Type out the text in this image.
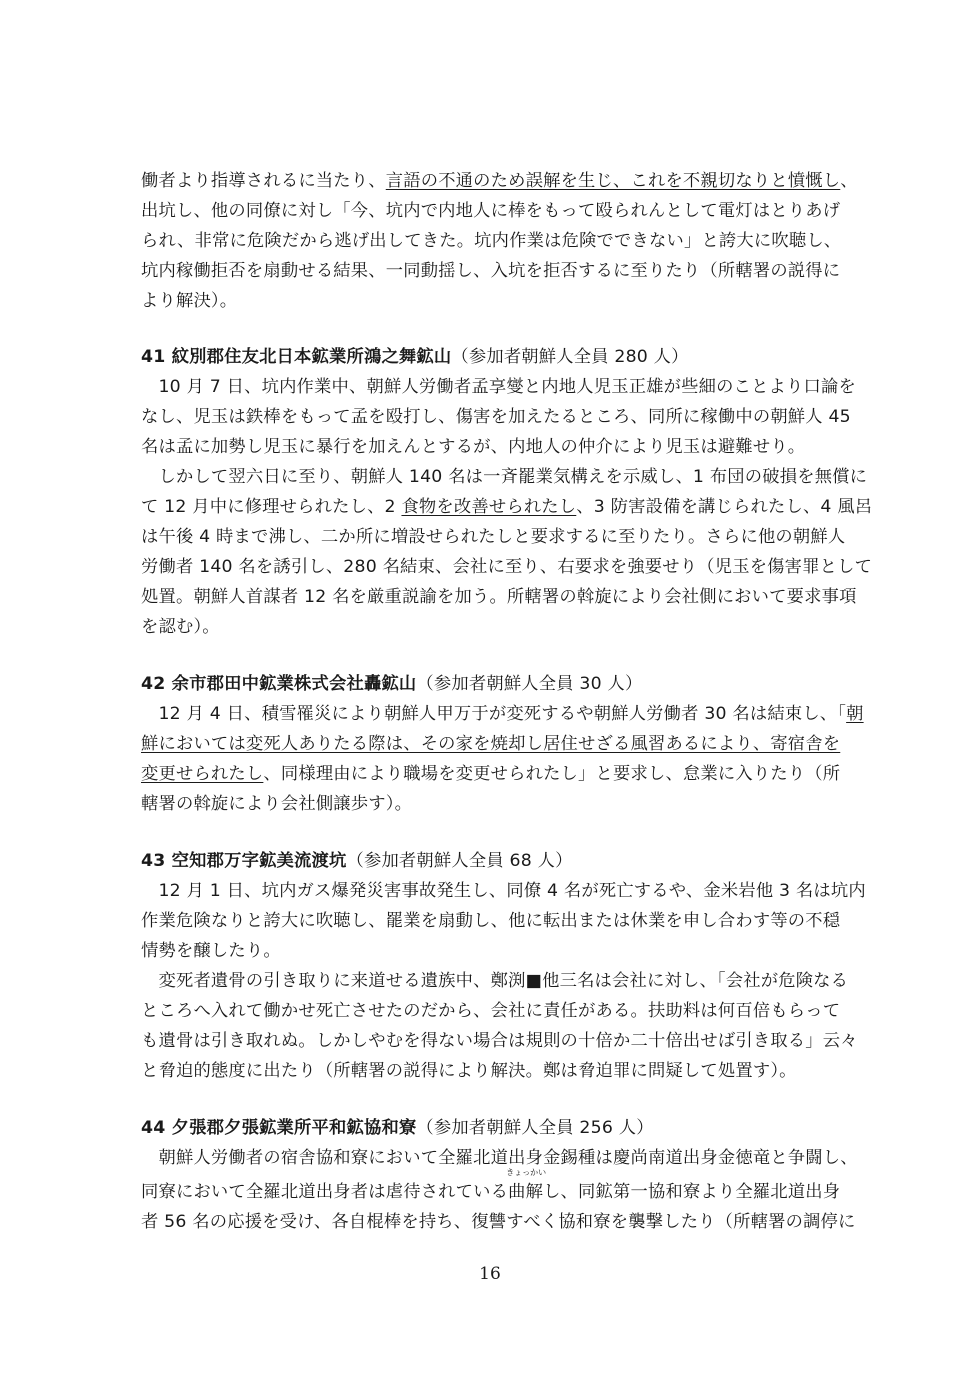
働者より指導されるに当たり、言語の不通のため誤解を生じ、これを不親切なりと憤慨し、
出坑し、他の同僚に対し「今、坑内で内地人に棒をもって殴られんとして電灯はとりあげ
られ、非常に危険だから逃げ出してきた。坑内作業は危険でできない」と誇大に吹聴し、
坑内稼働拒否を扇動せる結果、一同動揺し、入坑を拒否するに至りたり（所轄署の説得に
より解決）。
41 紋別郡住友北日本鉱業所鴻之舞鉱山（参加者朝鮮人全員 280 人）
　10 月 7 日、坑内作業中、朝鮮人労働者孟享燮と内地人児玉正雄が些細のことより口論を
なし、児玉は鉄棒をもって孟を殴打し、傷害を加えたるところ、同所に稼働中の朝鮮人 45
名は孟に加勢し児玉に暴行を加えんとするが、内地人の仲介により児玉は避難せり。
　しかして翌六日に至り、朝鮮人 140 名は一斉罷業気構えを示威し、1 布団の破損を無償に
て 12 月中に修理せられたし、2 食物を改善せられたし、3 防害設備を講じられたし、4 風呂
は午後 4 時まで沸し、二か所に増設せられたしと要求するに至りたり。さらに他の朝鮮人
労働者 140 名を誘引し、280 名結束、会社に至り、右要求を強要せり（児玉を傷害罪として
処置。朝鮮人首謀者 12 名を厳重説諭を加う。所轄署の斡旋により会社側において要求事項
を認む）。
42 余市郡田中鉱業株式会社轟鉱山（参加者朝鮮人全員 30 人）
　12 月 4 日、積雪罹災により朝鮮人甲万于が変死するや朝鮮人労働者 30 名は結束し、「朝
鮮においては変死人ありたる際は、その家を焼却し居住せざる風習あるにより、寄宿舎を
変更せられたし、同様理由により職場を変更せられたし」と要求し、怠業に入りたり（所
轄署の斡旋により会社側譲歩す）。
43 空知郡万字鉱美流渡坑（参加者朝鮮人全員 68 人）
　12 月 1 日、坑内ガス爆発災害事故発生し、同僚 4 名が死亡するや、金米岩他 3 名は坑内
作業危険なりと誇大に吹聴し、罷業を扇動し、他に転出または休業を申し合わす等の不穏
情勢を醸したり。
　変死者遺骨の引き取りに来道せる遺族中、鄭渕■他三名は会社に対し、「会社が危険なる
ところへ入れて働かせ死亡させたのだから、会社に責任がある。扶助料は何百倍もらって
も遺骨は引き取れぬ。しかしやむを得ない場合は規則の十倍か二十倍出せば引き取る」云々
と脅迫的態度に出たり（所轄署の説得により解決。鄭は脅迫罪に問疑して処置す）。
44 夕張郡夕張鉱業所平和鉱協和寮（参加者朝鮮人全員 256 人）
　朝鮮人労働者の宿舎協和寮において全羅北道出身金錫種は慶尚南道出身金徳竜と争闘し、
同寮において全羅北道出身者は虐待されている
きょっかい
曲解し、同鉱第一協和寮より全羅北道出身
者 56 名の応援を受け、各自棍棒を持ち、復讐すべく協和寮を襲撃したり（所轄署の調停に
16
